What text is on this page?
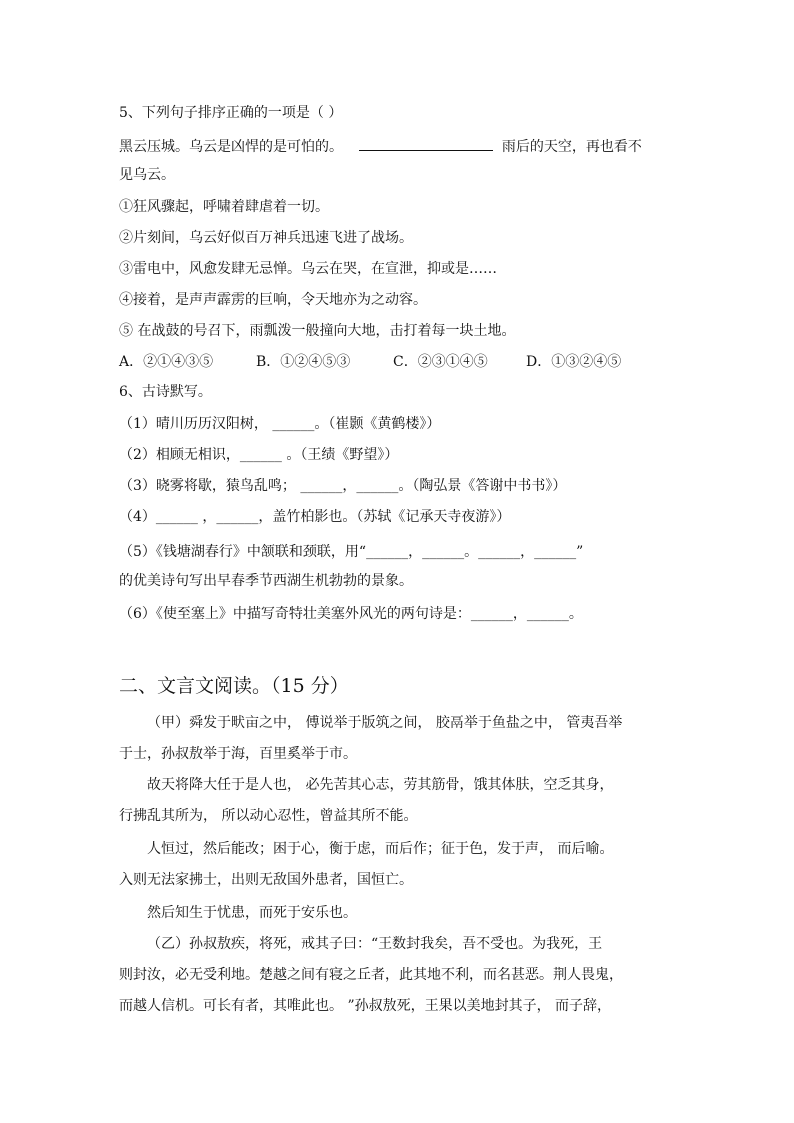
5、下列句子排序正确的一项是（ ）
黑云压城。乌云是凶悍的是可怕的。	雨后的天空，再也看不
见乌云。
①狂风骤起，呼啸着肆虐着一切。
②片刻间，乌云好似百万神兵迅速飞进了战场。
③雷电中，风愈发肆无忌惮。乌云在哭，在宣泄，抑或是……
④接着，是声声霹雳的巨响，令天地亦为之动容。
⑤ 在战鼓的号召下，雨瓢泼一般撞向大地，击打着每一块土地。
A．②①④③⑤	B．①②④⑤③	C．②③①④⑤	D．①③②④⑤
6、古诗默写。
（1）晴川历历汉阳树， ______。（崔颢《黄鹤楼》）
（2）相顾无相识，______ 。（王绩《野望》）
（3）晓雾将歇，猿鸟乱鸣； ______，______。（陶弘景《答谢中书书》）
（4）______ ，______，盖竹柏影也。（苏轼《记承天寺夜游》）
（5）《钱塘湖春行》中颔联和颈联，用“______，______。______，______”
的优美诗句写出早春季节西湖生机勃勃的景象。
（6）《使至塞上》中描写奇特壮美塞外风光的两句诗是：______，______。
二、文言文阅读。（15 分）
（甲）舜发于畎亩之中， 傅说举于版筑之间， 胶鬲举于鱼盐之中， 管夷吾举
于士，孙叔敖举于海，百里奚举于市。
故天将降大任于是人也， 必先苦其心志，劳其筋骨，饿其体肤，空乏其身，
行拂乱其所为， 所以动心忍性，曾益其所不能。
人恒过，然后能改；困于心，衡于虑，而后作；征于色，发于声， 而后喻。
入则无法家拂士，出则无敌国外患者，国恒亡。
然后知生于忧患，而死于安乐也。
（乙）孙叔敖疾，将死，戒其子曰：“王数封我矣，吾不受也。为我死，王
则封汝，必无受利地。楚越之间有寝之丘者，此其地不利，而名甚恶。荆人畏鬼，
而越人信机。可长有者，其唯此也。 ”孙叔敖死，王果以美地封其子， 而子辞，
